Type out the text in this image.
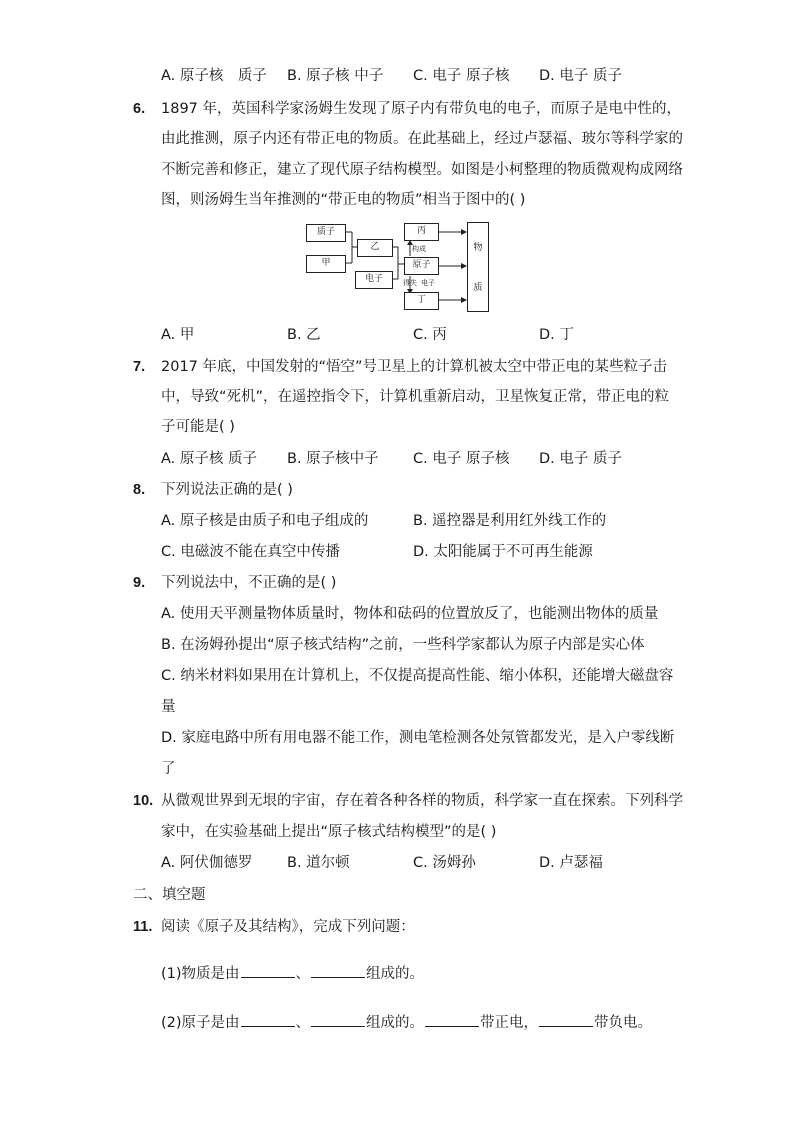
A. 原子核　质子 B. 原子核 中子 C. 电子 原子核 D. 电子 质子
6. 1897 年，英国科学家汤姆生发现了原子内有带负电的电子，而原子是电中性的，
由此推测，原子内还有带正电的物质。在此基础上，经过卢瑟福、玻尔等科学家的
不断完善和修正，建立了现代原子结构模型。如图是小柯整理的物质微观构成网络
图，则汤姆生当年推测的“带正电的物质”相当于图中的( )
质子
甲
乙
电子
丙
原子
丁
物
质
构成
得失 电子
A. 甲	B. 乙	C. 丙	D. 丁
7. 2017 年底，中国发射的“悟空”号卫星上的计算机被太空中带正电的某些粒子击
中，导致“死机”，在遥控指令下，计算机重新启动，卫星恢复正常，带正电的粒
子可能是( )
A. 原子核 质子 B. 原子核中子 C. 电子 原子核 D. 电子 质子
8. 下列说法正确的是( )
A. 原子核是由质子和电子组成的	B. 遥控器是利用红外线工作的
C. 电磁波不能在真空中传播	D. 太阳能属于不可再生能源
9. 下列说法中，不正确的是( )
A. 使用天平测量物体质量时，物体和砝码的位置放反了，也能测出物体的质量
B. 在汤姆孙提出“原子核式结构”之前，一些科学家都认为原子内部是实心体
C. 纳米材料如果用在计算机上，不仅提高提高性能、缩小体积，还能增大磁盘容
量
D. 家庭电路中所有用电器不能工作，测电笔检测各处氖管都发光，是入户零线断
了
10. 从微观世界到无垠的宇宙，存在着各种各样的物质，科学家一直在探索。下列科学
家中，在实验基础上提出“原子核式结构模型”的是( )
A. 阿伏伽德罗 B. 道尔顿	C. 汤姆孙	D. 卢瑟福
二、填空题
11. 阅读《原子及其结构》，完成下列问题：
(1)物质是由	、	组成的。
(2)原子是由	、	组成的。	带正电，	带负电。
